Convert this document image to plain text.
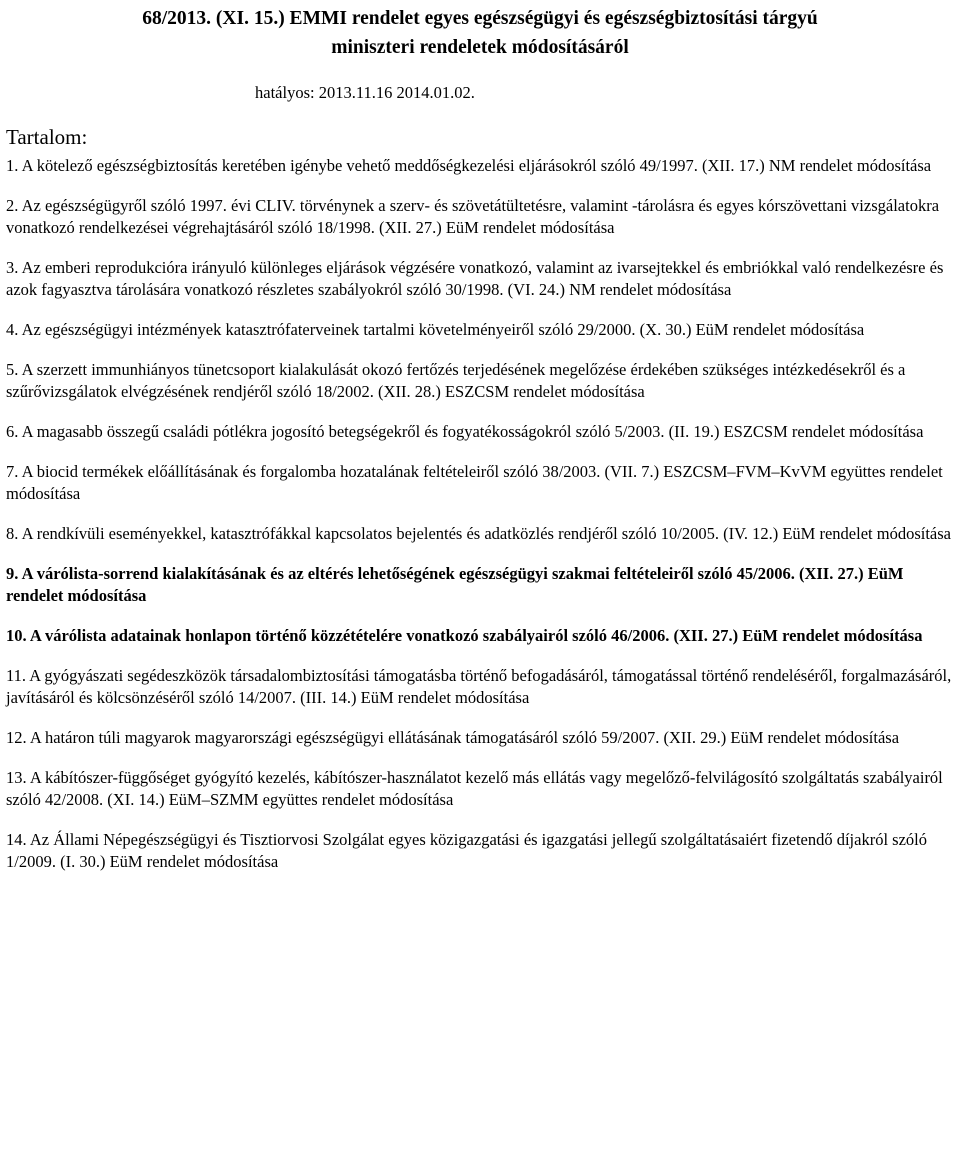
68/2013. (XI. 15.) EMMI rendelet egyes egészségügyi és egészségbiztosítási tárgyú
miniszteri rendeletek módosításáról
hatályos: 2013.11.16 2014.01.02.
Tartalom:
1. A kötelező egészségbiztosítás keretében igénybe vehető meddőségkezelési eljárásokról szóló 49/1997. (XII. 17.) NM rendelet módosítása
2. Az egészségügyről szóló 1997. évi CLIV. törvénynek a szerv- és szövetátültetésre, valamint -tárolásra és egyes kórszövettani vizsgálatokra vonatkozó rendelkezései végrehajtásáról szóló 18/1998. (XII. 27.) EüM rendelet módosítása
3. Az emberi reprodukcióra irányuló különleges eljárások végzésére vonatkozó, valamint az ivarsejtekkel és embriókkal való rendelkezésre és azok fagyasztva tárolására vonatkozó részletes szabályokról szóló 30/1998. (VI. 24.) NM rendelet módosítása
4. Az egészségügyi intézmények katasztrófaterveinek tartalmi követelményeiről szóló 29/2000. (X. 30.) EüM rendelet módosítása
5. A szerzett immunhiányos tünetcsoport kialakulását okozó fertőzés terjedésének megelőzése érdekében szükséges intézkedésekről és a szűrővizsgálatok elvégzésének rendjéről szóló 18/2002. (XII. 28.) ESZCSM rendelet módosítása
6. A magasabb összegű családi pótlékra jogosító betegségekről és fogyatékosságokról szóló 5/2003. (II. 19.) ESZCSM rendelet módosítása
7. A biocid termékek előállításának és forgalomba hozatalának feltételeiről szóló 38/2003. (VII. 7.) ESZCSM–FVM–KvVM együttes rendelet módosítása
8. A rendkívüli eseményekkel, katasztrófákkal kapcsolatos bejelentés és adatközlés rendjéről szóló 10/2005. (IV. 12.) EüM rendelet módosítása
9. A várólista-sorrend kialakításának és az eltérés lehetőségének egészségügyi szakmai feltételeiről szóló 45/2006. (XII. 27.) EüM rendelet módosítása
10. A várólista adatainak honlapon történő közzétételére vonatkozó szabályairól szóló 46/2006. (XII. 27.) EüM rendelet módosítása
11. A gyógyászati segédeszközök társadalombiztosítási támogatásba történő befogadásáról, támogatással történő rendeléséről, forgalmazásáról, javításáról és kölcsönzéséről szóló 14/2007. (III. 14.) EüM rendelet módosítása
12. A határon túli magyarok magyarországi egészségügyi ellátásának támogatásáról szóló 59/2007. (XII. 29.) EüM rendelet módosítása
13. A kábítószer-függőséget gyógyító kezelés, kábítószer-használatot kezelő más ellátás vagy megelőző-felvilágosító szolgáltatás szabályairól szóló 42/2008. (XI. 14.) EüM–SZMM együttes rendelet módosítása
14. Az Állami Népegészségügyi és Tisztiorvosi Szolgálat egyes közigazgatási és igazgatási jellegű szolgáltatásaiért fizetendő díjakról szóló 1/2009. (I. 30.) EüM rendelet módosítása
